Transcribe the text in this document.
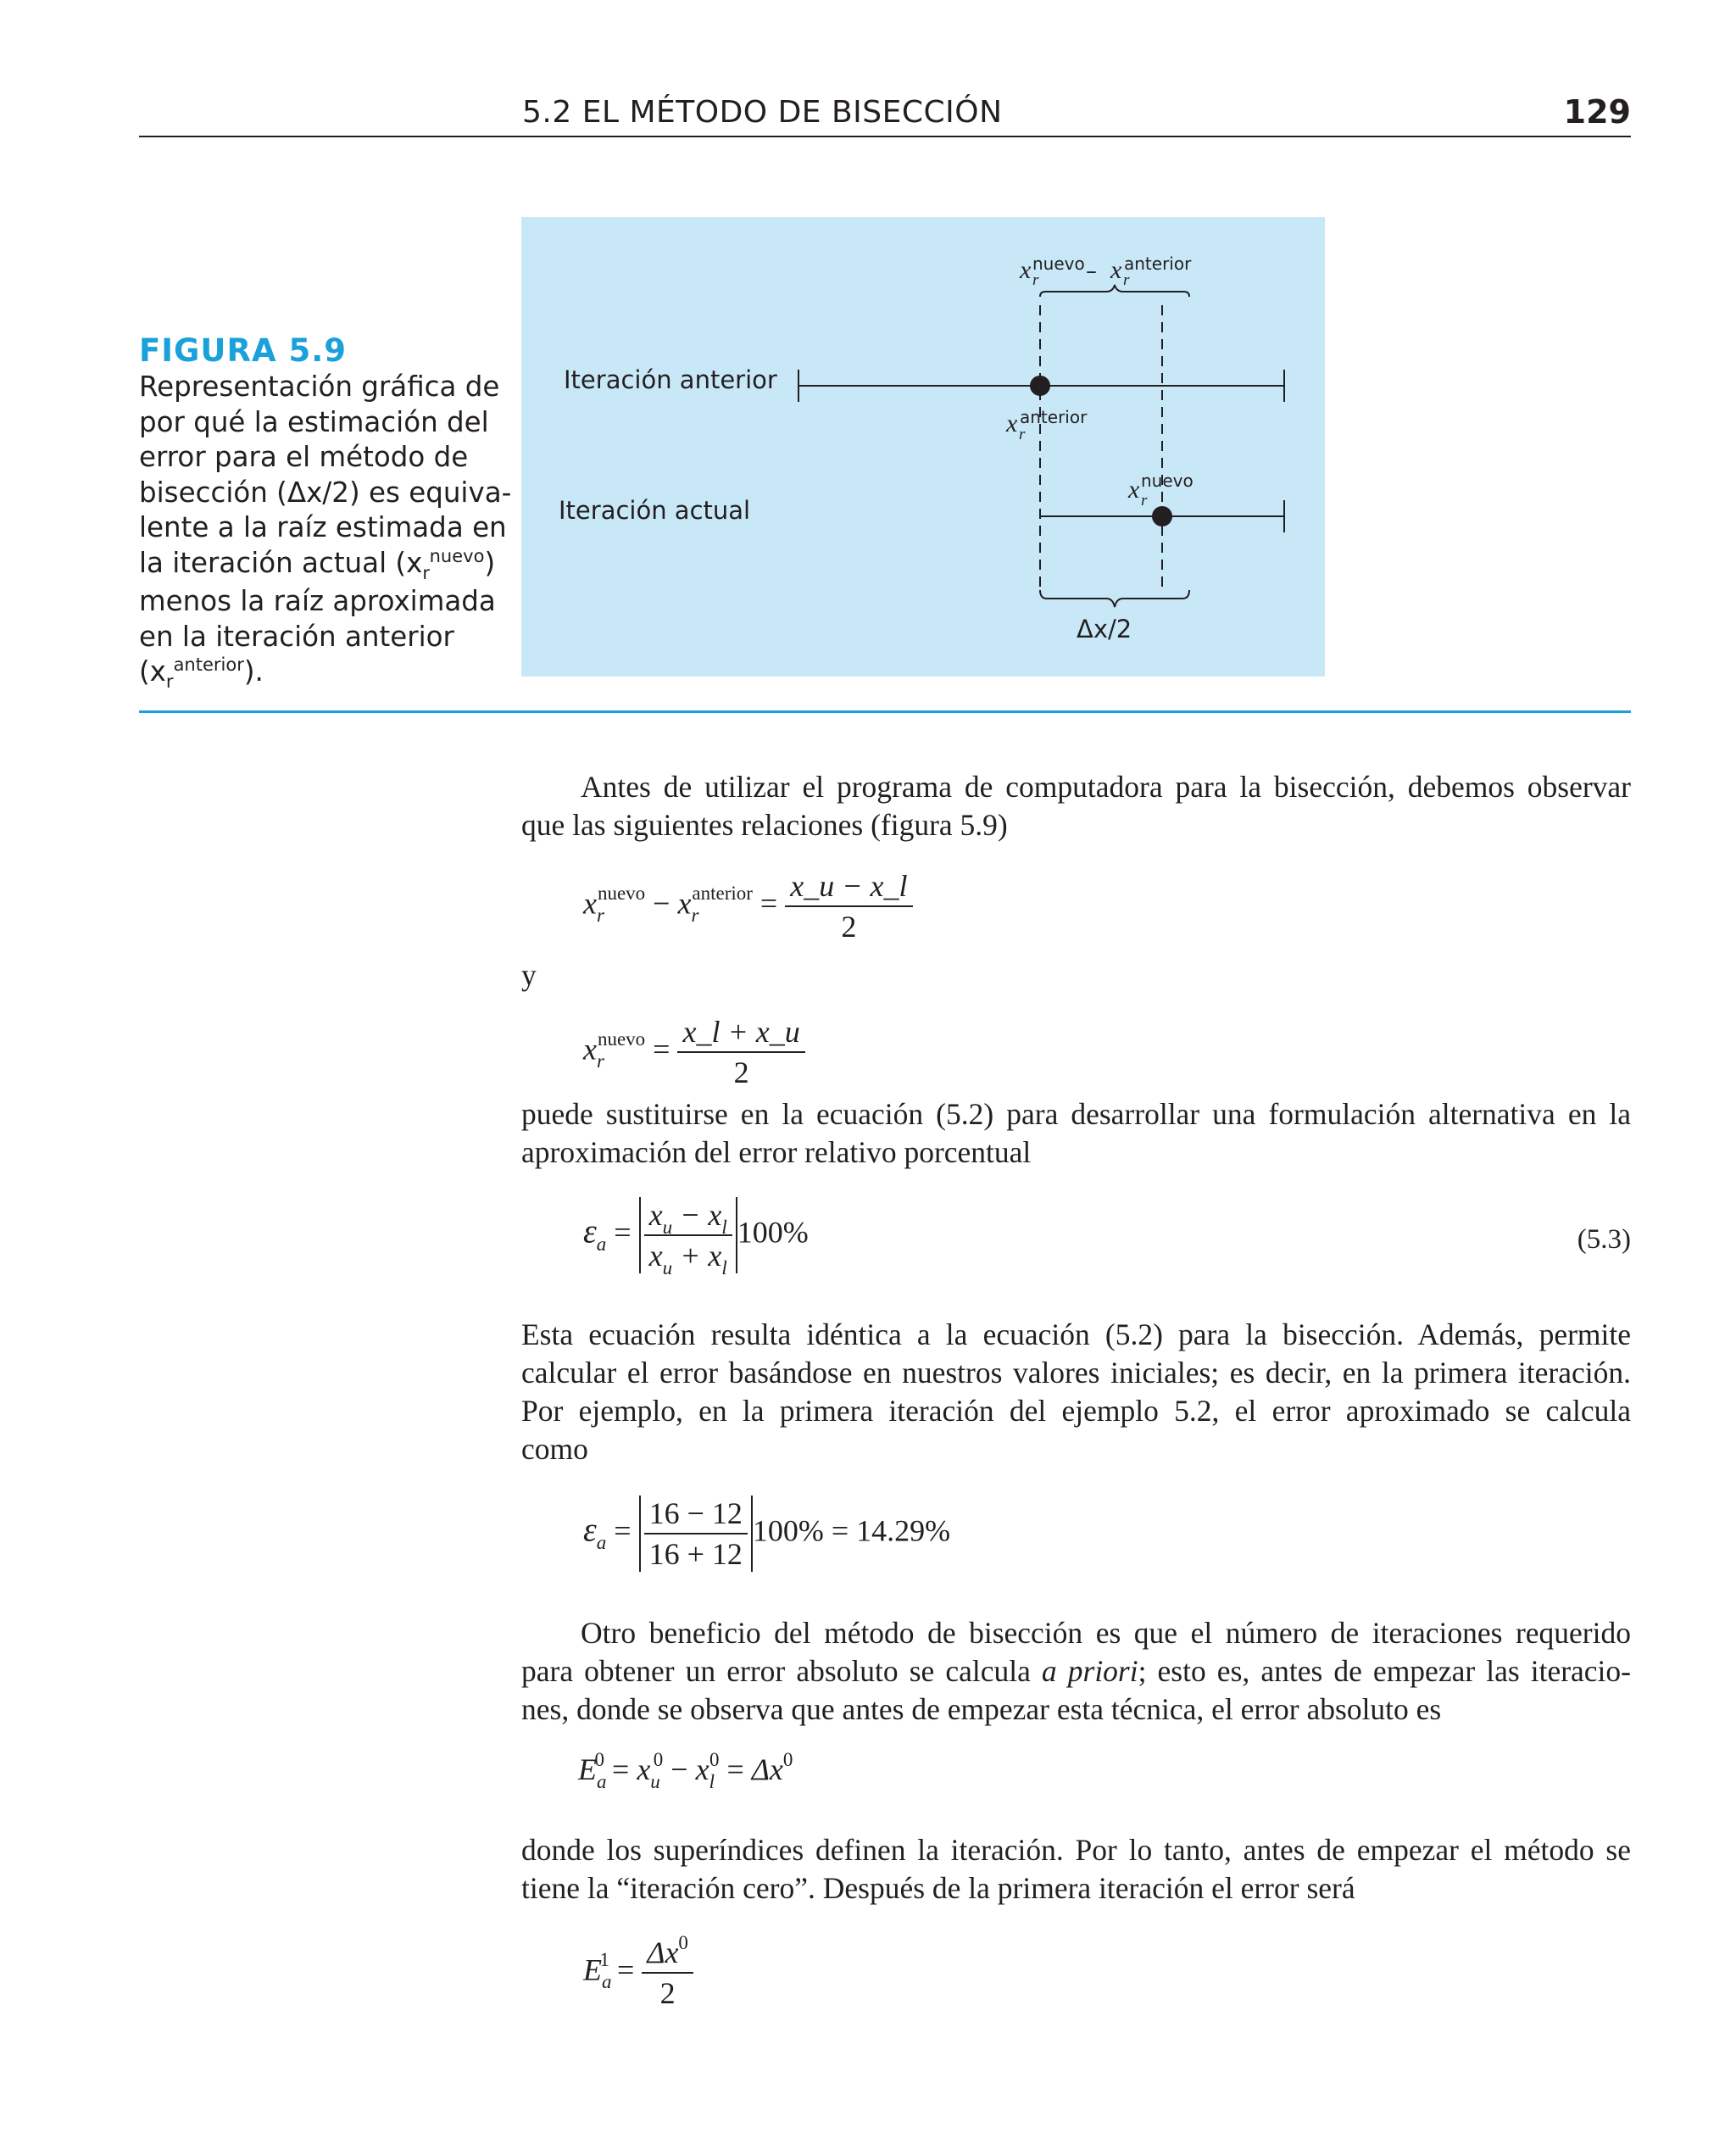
5.2 EL MÉTODO DE BISECCIÓN	129
FIGURA 5.9
Representación gráfica de
por qué la estimación del
error para el método de
bisección (Δx/2) es equiva-
lente a la raíz estimada en
la iteración actual $(x_r^{nuevo})$
menos la raíz aproximada
en la iteración anterior
$(x_r^{anterior})$.
x r
nuevo – x r
anterior
Iteración anterior
x r
anterior
Iteración actual
x r
nuevo
Δx/2
Antes de utilizar el programa de computadora para la bisección, debemos observar
que las siguientes relaciones (figura 5.9)
$x_r^{nuevo} - x_r^{anterior} = \frac{x\_u - x\_l}{2}$
y
$x_r^{nuevo} = \frac{x\_l + x\_u}{2}$
puede sustituirse en la ecuación (5.2) para desarrollar una formulación alternativa en la
aproximación del error relativo porcentual
$\varepsilon_a = \frac{x_u - x_l}{x_u + x_l} 100\%$	(5.3)
Esta ecuación resulta idéntica a la ecuación (5.2) para la bisección. Además, permite
calcular el error basándose en nuestros valores iniciales; es decir, en la primera iteración.
Por ejemplo, en la primera iteración del ejemplo 5.2, el error aproximado se calcula
como
$\varepsilon_a = \frac{16 - 12}{16 + 12} 100\% = 14.29\%$
Otro beneficio del método de bisección es que el número de iteraciones requerido
para obtener un error absoluto se calcula a priori; esto es, antes de empezar las iteracio-
nes, donde se observa que antes de empezar esta técnica, el error absoluto es
$E_a^0 = x_u^0 - x_l^0 = \Delta x^0$
donde los superíndices definen la iteración. Por lo tanto, antes de empezar el método se
tiene la “iteración cero”. Después de la primera iteración el error será
$E_a^1 = \frac{\Delta x^0}{2}$
